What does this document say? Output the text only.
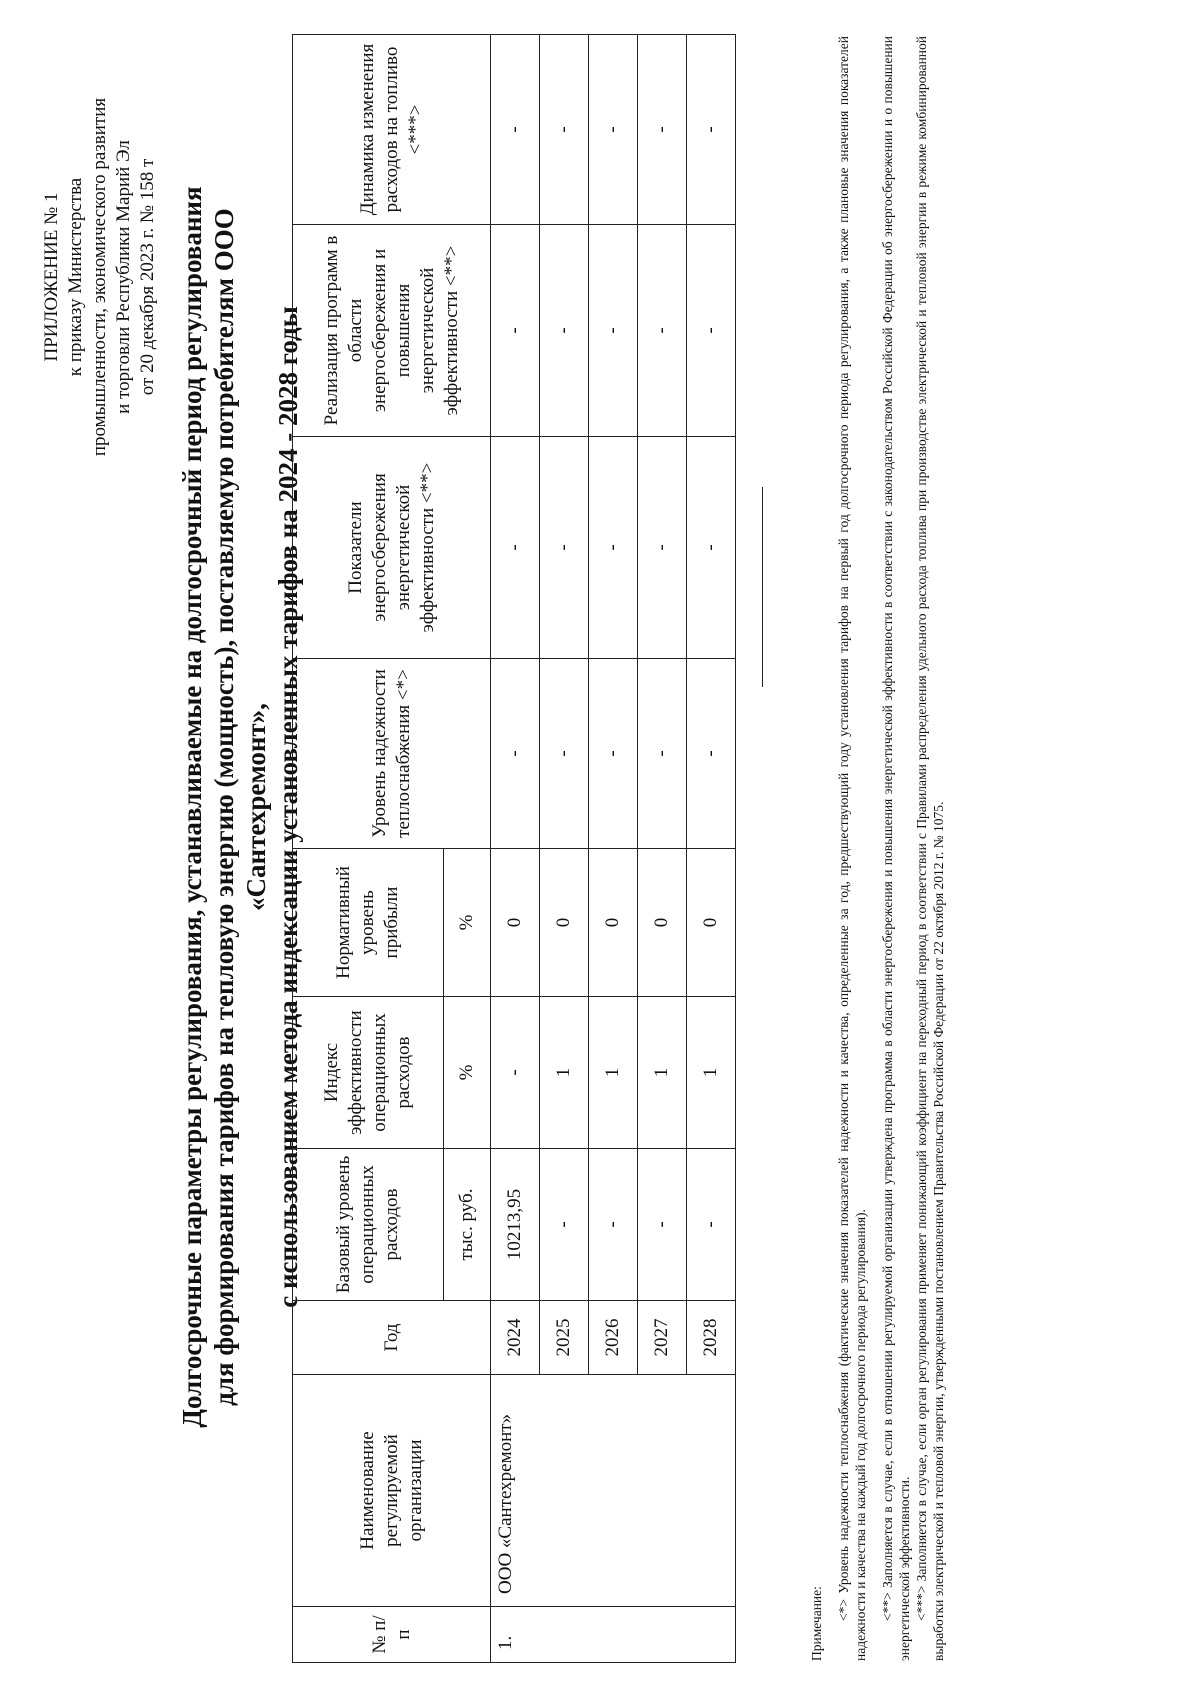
ПРИЛОЖЕНИЕ № 1 к приказу Министерства промышленности, экономического развития и торговли Республики Марий Эл от 20 декабря 2023 г. № 158 т Долгосрочные параметры регулирования, устанавливаемые на долгосрочный период регулирования для формирования тарифов на тепловую энергию (мощность), поставляемую потребителям ООО «Сантехремонт», с использованием метода индексации установленных тарифов на 2024 - 2028 годы
№ п/п	Наименование регулируемой организации	Год	Базовый уровень операционных расходов	Индекс эффективности операционных расходов	Нормативный уровень прибыли	Уровень надежности теплоснабжения <*>	Показатели энергосбережения энергетической эффективности <**>	Реализация программ в области энергосбережения и повышения энергетической эффективности <**>	Динамика изменения расходов на топливо <***>
			тыс. руб.	%	%				
1.	ООО «Сантехремонт»	2024	10213,95	-	0	-	-	-	-
		2025	-	1	0	-	-	-	-
		2026	-	1	0	-	-	-	-
		2027	-	1	0	-	-	-	-
		2028	-	1	0	-	-	-	-

Примечание:

<*> Уровень надежности теплоснабжения (фактические значения показателей надежности и качества, определенные за год, предшествующий году установления тарифов на первый год долгосрочного периода регулирования, а также плановые значения показателей надежности и качества на каждый год долгосрочного периода регулирования). <**> Заполняется в случае, если в отношении регулируемой организации утверждена программа в области энергосбережения и повышения энергетической эффективности в соответствии с законодательством Российской Федерации об энергосбережении и о повышении энергетической эффективности. <***> Заполняется в случае, если орган регулирования применяет понижающий коэффициент на переходный период в соответствии с Правилами распределения удельного расхода топлива при производстве электрической и тепловой энергии в режиме комбинированной выработки электрической и тепловой энергии, утвержденными постановлением Правительства Российской Федерации от 22 октября 2012 г. № 1075.
